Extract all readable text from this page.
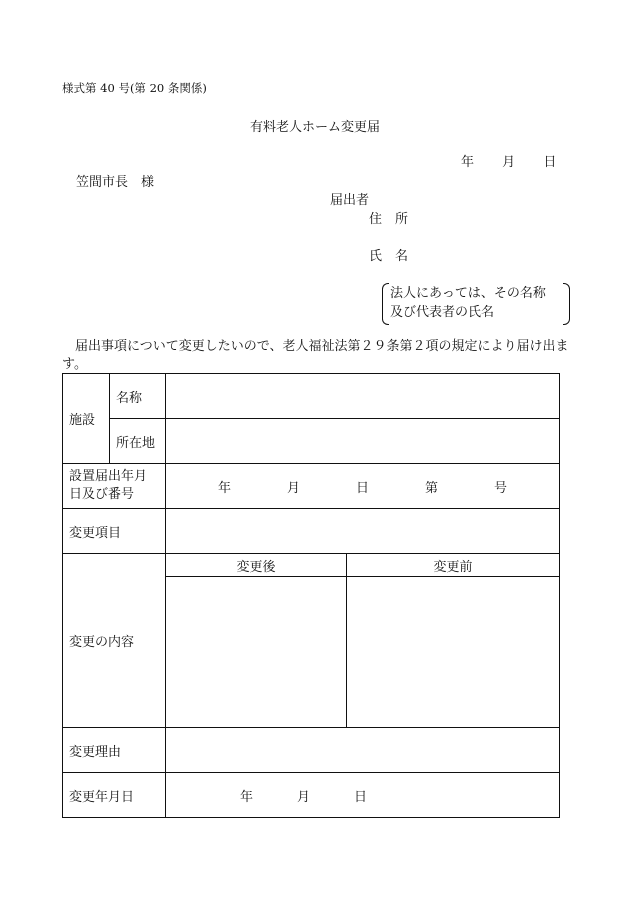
様式第 40 号(第 20 条関係)
有料老人ホーム変更届
年 月 日
笠間市長　様
届出者
住　所
氏　名
法人にあっては、その名称
及び代表者の氏名
届出事項について変更したいので、老人福祉法第２９条第２項の規定により届け出ます。
施設	名称		
	所在地		
設置届出年月日及び番号		年 月 日 第 号	

変更項目			
変更の内容		変更後	変更前

変更理由			
変更年月日		年 月 日	
